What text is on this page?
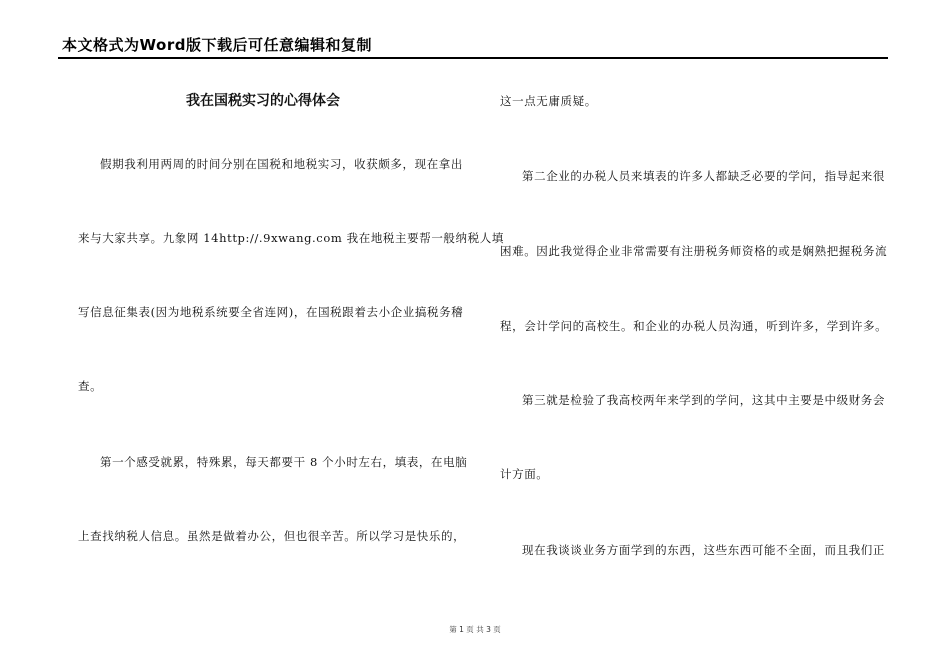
本文格式为Word版下载后可任意编辑和复制
我在国税实习的心得体会
假期我利用两周的时间分别在国税和地税实习，收获颇多，现在拿出
来与大家共享。九象网 14http://.9xwang.com 我在地税主要帮一般纳税人填
写信息征集表(因为地税系统要全省连网)，在国税跟着去小企业搞税务稽
查。
第一个感受就累，特殊累，每天都要干 8 个小时左右，填表，在电脑
上查找纳税人信息。虽然是做着办公，但也很辛苦。所以学习是快乐的，
这一点无庸质疑。
第二企业的办税人员来填表的许多人都缺乏必要的学问，指导起来很
困难。因此我觉得企业非常需要有注册税务师资格的或是娴熟把握税务流
程，会计学问的高校生。和企业的办税人员沟通，听到许多，学到许多。
第三就是检验了我高校两年来学到的学问，这其中主要是中级财务会
计方面。
现在我谈谈业务方面学到的东西，这些东西可能不全面，而且我们正
第 1 页 共 3 页
